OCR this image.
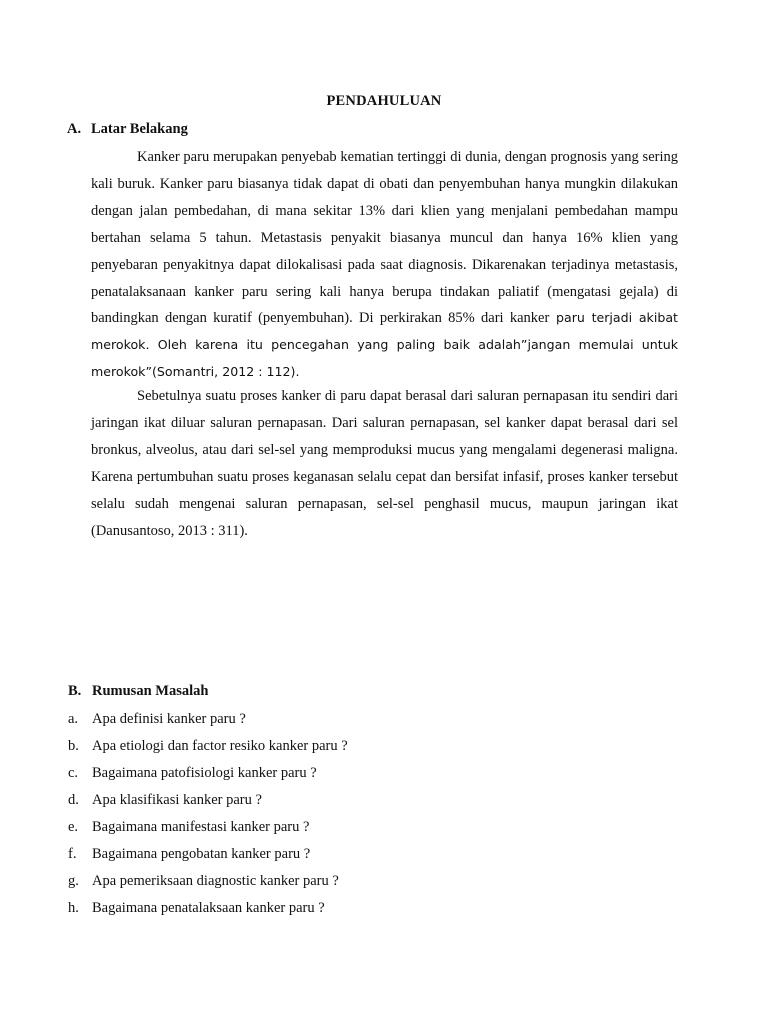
PENDAHULUAN
A. Latar Belakang

Kanker paru merupakan penyebab kematian tertinggi di dunia, dengan prognosis yang sering kali buruk. Kanker paru biasanya tidak dapat di obati dan penyembuhan hanya mungkin dilakukan dengan jalan pembedahan, di mana sekitar 13% dari klien yang menjalani pembedahan mampu bertahan selama 5 tahun. Metastasis penyakit biasanya muncul dan hanya 16% klien yang penyebaran penyakitnya dapat dilokalisasi pada saat diagnosis. Dikarenakan terjadinya metastasis, penatalaksanaan kanker paru sering kali hanya berupa tindakan paliatif (mengatasi gejala) di bandingkan dengan kuratif (penyembuhan). Di perkirakan 85% dari kanker paru terjadi akibat merokok. Oleh karena itu pencegahan yang paling baik adalah”jangan memulai untuk merokok”(Somantri, 2012 : 112).

Sebetulnya suatu proses kanker di paru dapat berasal dari saluran pernapasan itu sendiri dari jaringan ikat diluar saluran pernapasan. Dari saluran pernapasan, sel kanker dapat berasal dari sel bronkus, alveolus, atau dari sel-sel yang memproduksi mucus yang mengalami degenerasi maligna. Karena pertumbuhan suatu proses keganasan selalu cepat dan bersifat infasif, proses kanker tersebut selalu sudah mengenai saluran pernapasan, sel-sel penghasil mucus, maupun jaringan ikat (Danusantoso, 2013 : 311).

B. Rumusan Masalah
a. Apa definisi kanker paru ?
b. Apa etiologi dan factor resiko kanker paru ?
c. Bagaimana patofisiologi kanker paru ?
d. Apa klasifikasi kanker paru ?
e. Bagaimana manifestasi kanker paru ?
f. Bagaimana pengobatan kanker paru ?
g. Apa pemeriksaan diagnostic kanker paru ?
h. Bagaimana penatalaksaan kanker paru ?
